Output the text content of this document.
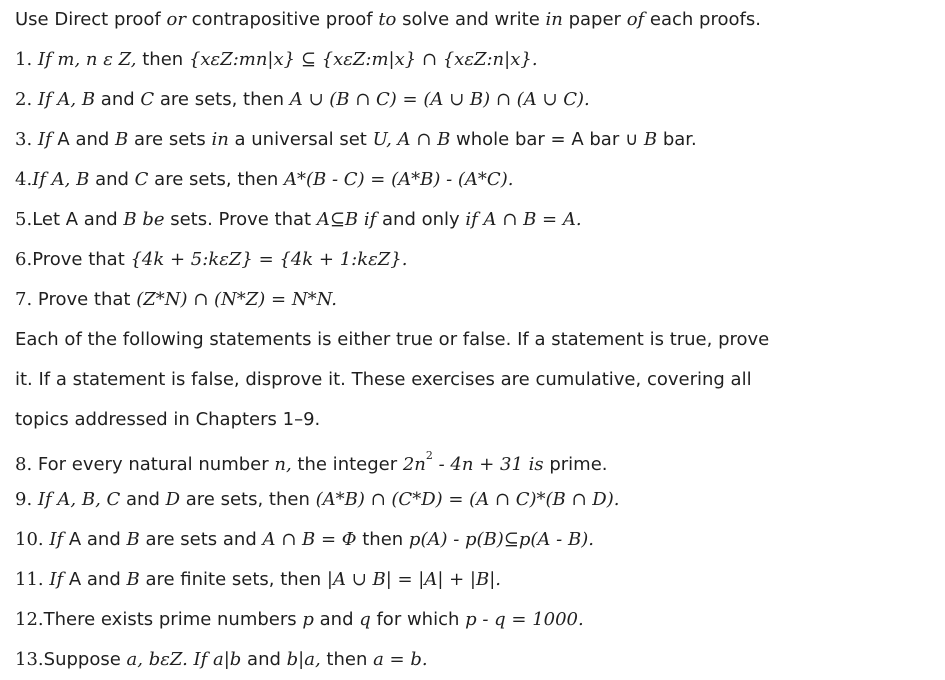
Use Direct proof or contrapositive proof to solve and write in paper of each proofs.
1. If m, n ε Z, then {xεZ:mn|x} ⊆ {xεZ:m|x} ∩ {xεZ:n|x}.
2. If A, B and C are sets, then A ∪ (B ∩ C) = (A ∪ B) ∩ (A ∪ C).
3. If A and B are sets in a universal set U, A ∩ B whole bar = A bar ∪ B bar.
4.If A, B and C are sets, then A*(B - C) = (A*B) - (A*C).
5.Let A and B be sets. Prove that A⊆B if and only if A ∩ B = A.
6.Prove that {4k + 5:kεZ} = {4k + 1:kεZ}.
7. Prove that (Z*N) ∩ (N*Z) = N*N.
Each of the following statements is either true or false. If a statement is true, prove
it. If a statement is false, disprove it. These exercises are cumulative, covering all
topics addressed in Chapters 1–9.
8. For every natural number n, the integer $2n^2 - 4n + 31$ is prime.
9. If A, B, C and D are sets, then (A*B) ∩ (C*D) = (A ∩ C)*(B ∩ D).
10. If A and B are sets and A ∩ B = Φ then p(A) - p(B)⊆p(A - B).
11. If A and B are finite sets, then |A ∪ B| = |A| + |B|.
12.There exists prime numbers p and q for which p - q = 1000.
13.Suppose a, bεZ. If a|b and b|a, then a = b.
